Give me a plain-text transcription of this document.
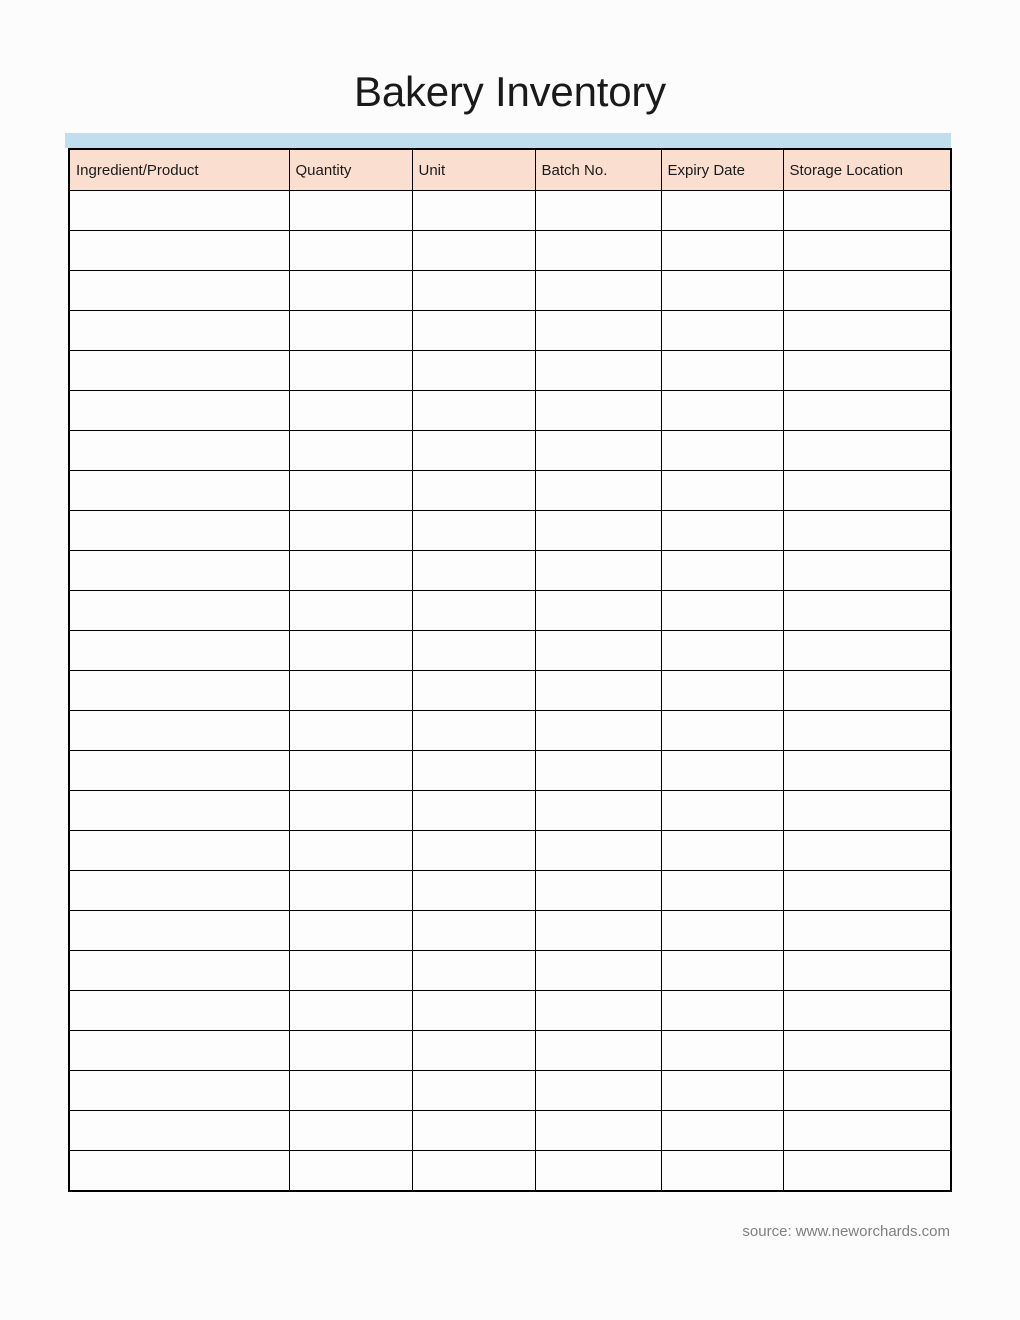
Bakery Inventory
Ingredient/Product	Quantity	Unit	Batch No.	Expiry Date	Storage Location

source: www.neworchards.com
